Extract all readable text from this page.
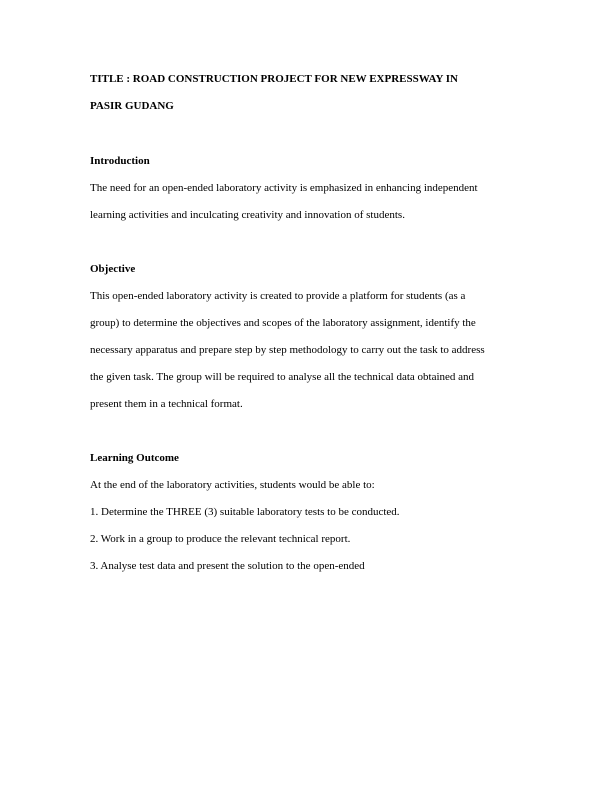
TITLE : ROAD CONSTRUCTION PROJECT FOR NEW EXPRESSWAY IN

PASIR GUDANG

Introduction

The need for an open-ended laboratory activity is emphasized in enhancing independent
learning activities and inculcating creativity and innovation of students.

Objective

This open-ended laboratory activity is created to provide a platform for students (as a
group) to determine the objectives and scopes of the laboratory assignment, identify the
necessary apparatus and prepare step by step methodology to carry out the task to address
the given task. The group will be required to analyse all the technical data obtained and
present them in a technical format.

Learning Outcome

At the end of the laboratory activities, students would be able to:
1. Determine the THREE (3) suitable laboratory tests to be conducted.
2. Work in a group to produce the relevant technical report.
3. Analyse test data and present the solution to the open-ended
